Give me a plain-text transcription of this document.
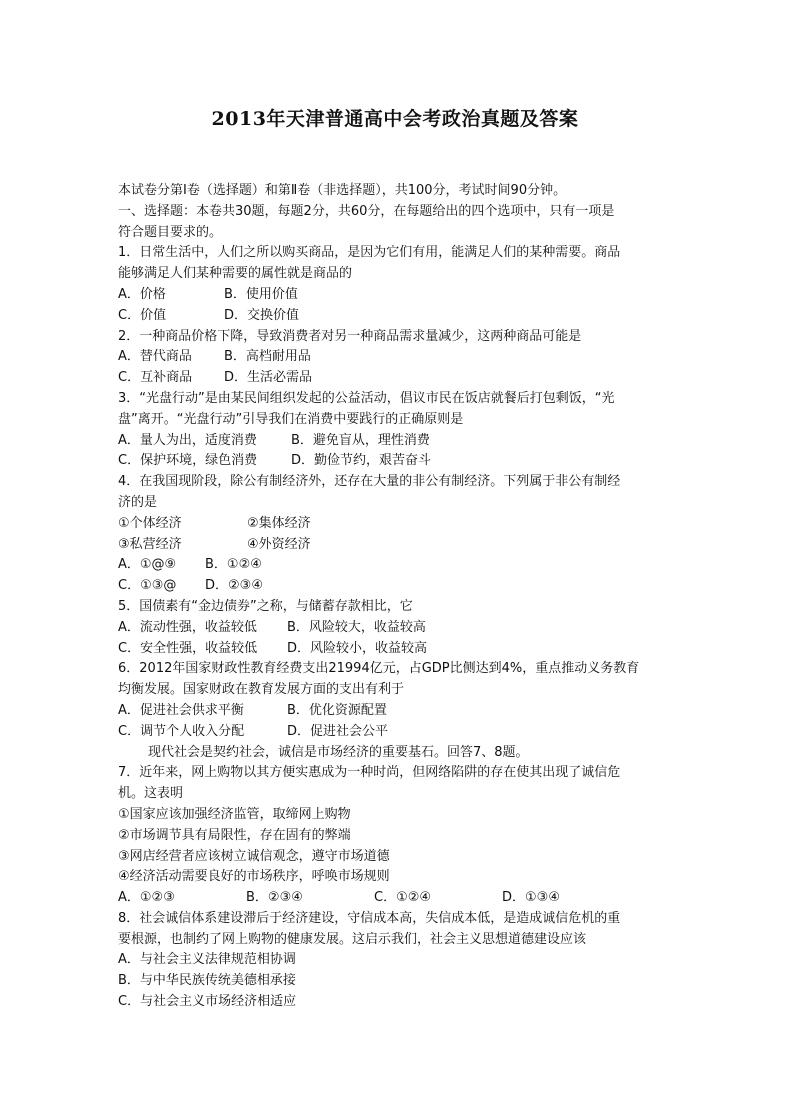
2013年天津普通高中会考政治真题及答案
本试卷分第Ⅰ卷（选择题）和第Ⅱ卷（非选择题），共100分，考试时间90分钟。
一、选择题：本卷共30题，每题2分，共60分，在每题给出的四个选项中，只有一项是
符合题目要求的。
1．日常生活中，人们之所以购买商品，是因为它们有用，能满足人们的某种需要。商品
能够满足人们某种需要的属性就是商品的
A．价格	B．使用价值
C．价值	D．交换价值
2．一种商品价格下降，导致消费者对另一种商品需求量减少，这两种商品可能是
A．替代商品 B．高档耐用品
C．互补商品 D．生活必需品
3．“光盘行动”是由某民间组织发起的公益活动，倡议市民在饭店就餐后打包剩饭，“光
盘”离开。“光盘行动”引导我们在消费中要践行的正确原则是
A．量人为出，适度消费	B．避免盲从，理性消费
C．保护环境，绿色消费	D．勤俭节约，艰苦奋斗
4．在我国现阶段，除公有制经济外，还存在大量的非公有制经济。下列属于非公有制经
济的是
①个体经济	②集体经济
③私营经济	④外资经济
A．①@⑨ B．①②④
C．①③@ D．②③④
5．国债素有“金边债券”之称，与储蓄存款相比，它
A．流动性强，收益较低 B．风险较大，收益较高
C．安全性强，收益较低 D．风险较小，收益较高
6．2012年国家财政性教育经费支出21994亿元，占GDP比侧达到4%，重点推动义务教育
均衡发展。国家财政在教育发展方面的支出有利于
A．促进社会供求平衡	B．优化资源配置
C．调节个人收入分配	D．促进社会公平
现代社会是契约社会，诚信是市场经济的重要基石。回答7、8题。
7．近年来，网上购物以其方便实惠成为一种时尚，但网络陷阱的存在使其出现了诚信危
机。这表明
①国家应该加强经济监管，取缔网上购物
②市场调节具有局限性，存在固有的弊端
③网店经营者应该树立诚信观念，遵守市场道德
④经济活动需要良好的市场秩序，呼唤市场规则
A．①②③	B．②③④	C．①②④	D．①③④
8．社会诚信体系建设滞后于经济建设，守信成本高，失信成本低，是造成诚信危机的重
要根源，也制约了网上购物的健康发展。这启示我们，社会主义思想道德建设应该
A．与社会主义法律规范相协调
B．与中华民族传统美德相承接
C．与社会主义市场经济相适应
